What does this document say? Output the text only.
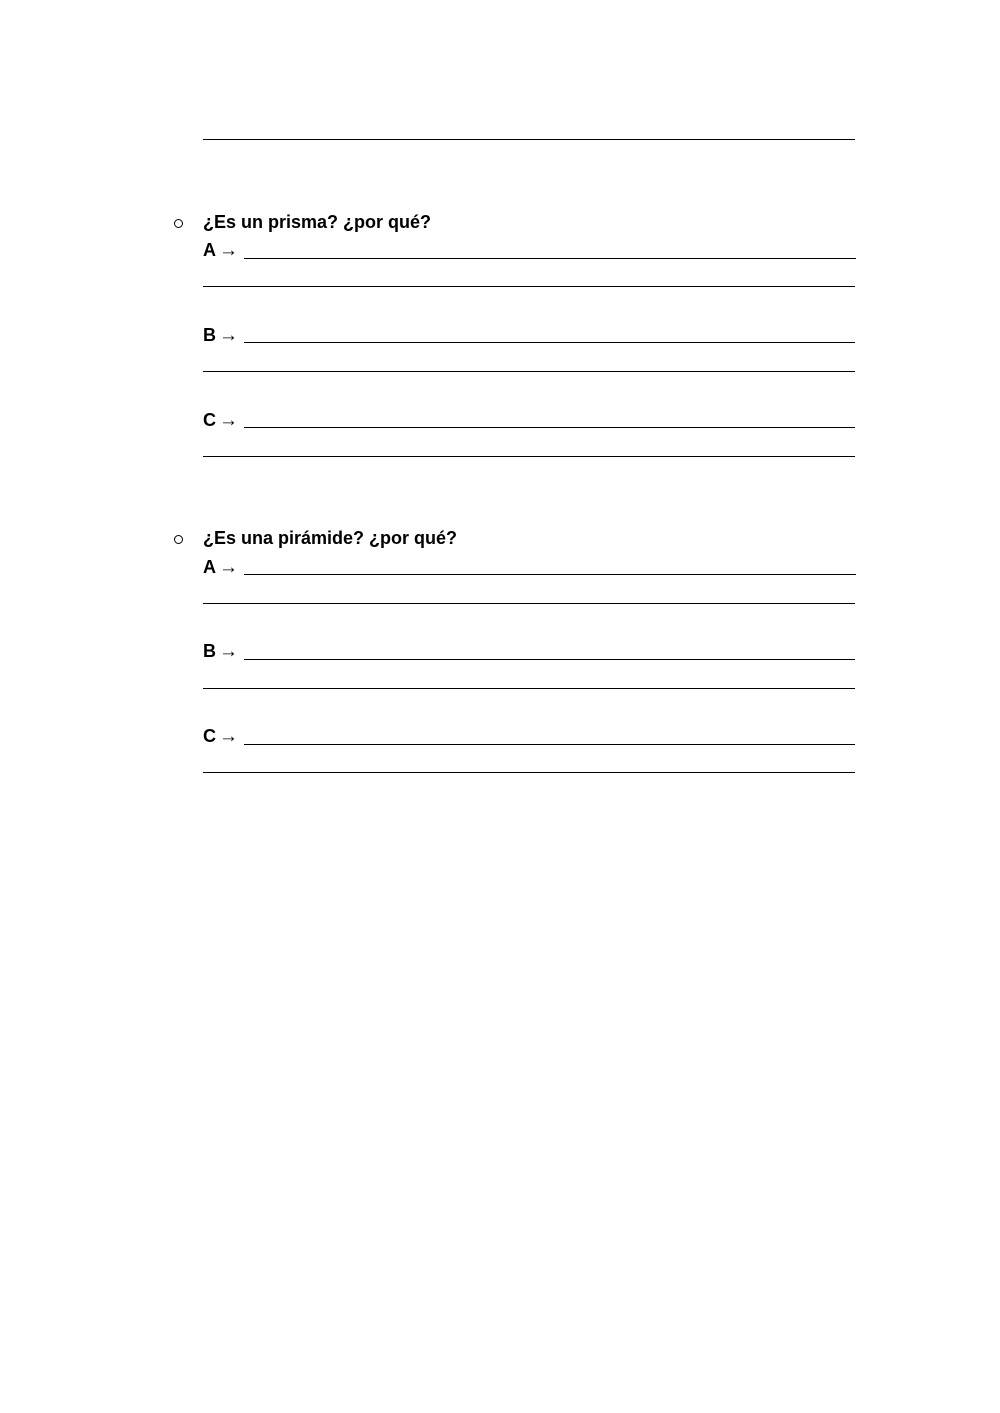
¿Es un prisma? ¿por qué?
A →
B →
C →
¿Es una pirámide? ¿por qué?
A →
B →
C →
